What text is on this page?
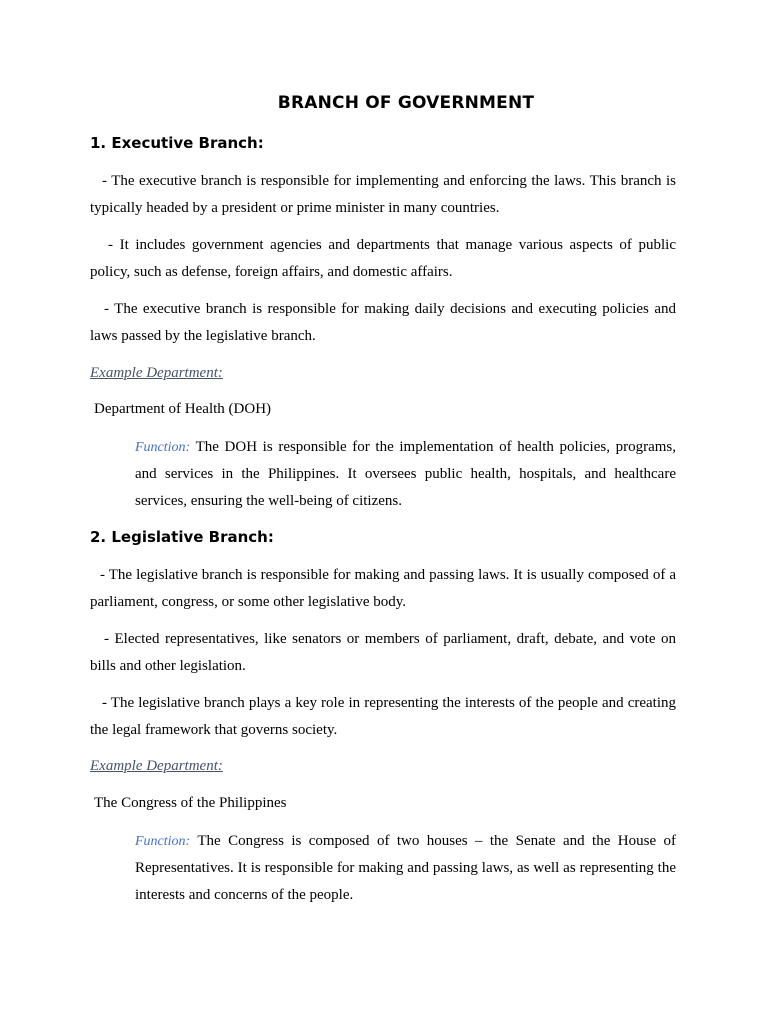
BRANCH OF GOVERNMENT
1. Executive Branch:

- The executive branch is responsible for implementing and enforcing the laws. This branch is typically headed by a president or prime minister in many countries.

- It includes government agencies and departments that manage various aspects of public policy, such as defense, foreign affairs, and domestic affairs.

- The executive branch is responsible for making daily decisions and executing policies and laws passed by the legislative branch.

Example Department:

Department of Health (DOH)

Function: The DOH is responsible for the implementation of health policies, programs, and services in the Philippines. It oversees public health, hospitals, and healthcare services, ensuring the well-being of citizens.

2. Legislative Branch:

- The legislative branch is responsible for making and passing laws. It is usually composed of a parliament, congress, or some other legislative body.

- Elected representatives, like senators or members of parliament, draft, debate, and vote on bills and other legislation.

- The legislative branch plays a key role in representing the interests of the people and creating the legal framework that governs society.

Example Department:

The Congress of the Philippines

Function: The Congress is composed of two houses – the Senate and the House of Representatives. It is responsible for making and passing laws, as well as representing the interests and concerns of the people.
